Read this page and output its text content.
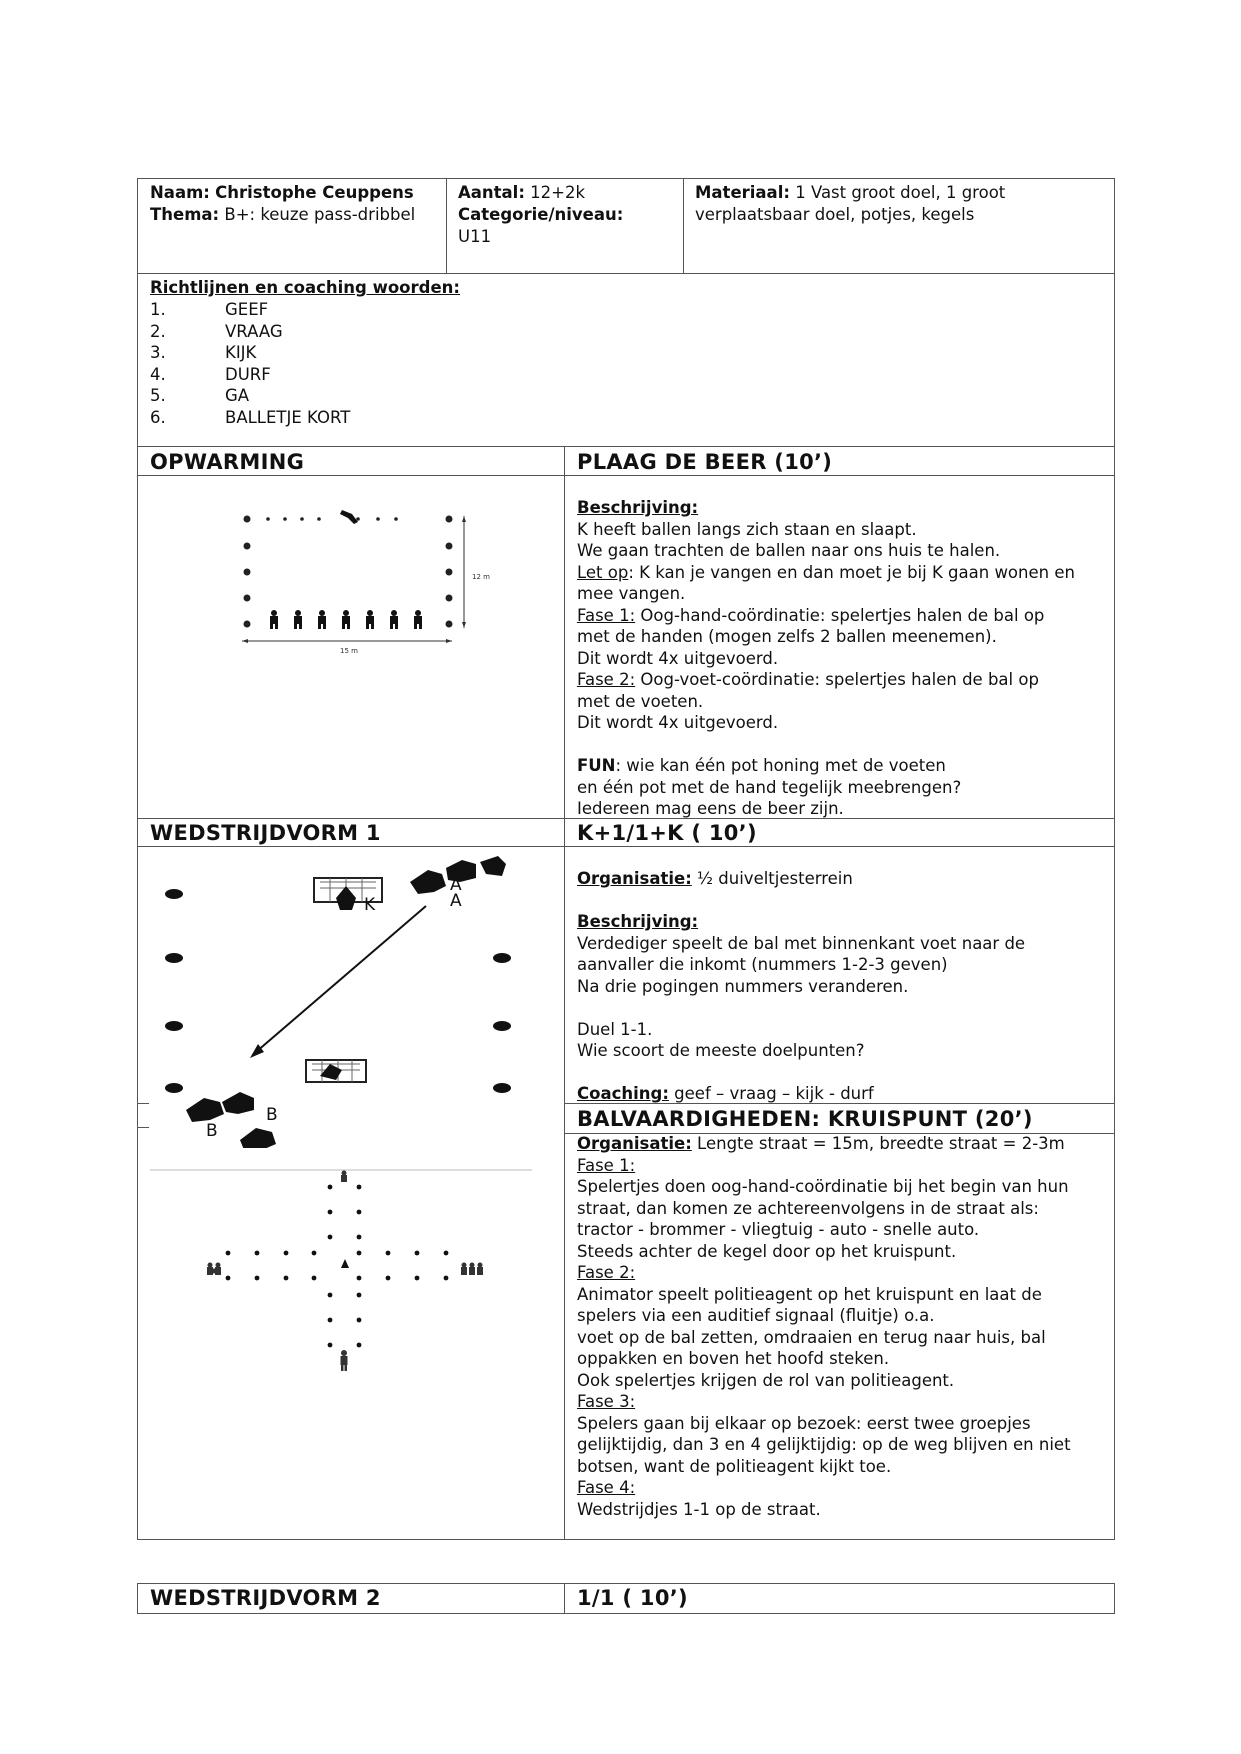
Naam: Christophe Ceuppens
Thema: B+: keuze pass-dribbel
Aantal: 12+2k
Categorie/niveau:
U11
Materiaal: 1 Vast groot doel, 1 groot
verplaatsbaar doel, potjes, kegels
Richtlijnen en coaching woorden:
1.	GEEF
2.	VRAAG
3.	KIJK
4.	DURF
5.	GA
6.	BALLETJE KORT
OPWARMING	PLAAG DE BEER (10’)
15 m
12 m

Beschrijving:

K heeft ballen langs zich staan en slaapt.

We gaan trachten de ballen naar ons huis te halen.

Let op: K kan je vangen en dan moet je bij K gaan wonen en

mee vangen.

Fase 1: Oog-hand-coördinatie: spelertjes halen de bal op

met de handen (mogen zelfs 2 ballen meenemen).

Dit wordt 4x uitgevoerd.

Fase 2: Oog-voet-coördinatie: spelertjes halen de bal op

met de voeten.

Dit wordt 4x uitgevoerd.

FUN: wie kan één pot honing met de voeten

en één pot met de hand tegelijk meebrengen?

Iedereen mag eens de beer zijn.

WEDSTRIJDVORM 1	K+1/1+K ( 10’)
K
A
A
B
B

Organisatie: ½ duiveltjesterrein

Beschrijving:

Verdediger speelt de bal met binnenkant voet naar de

aanvaller die inkomt (nummers 1-2-3 geven)

Na drie pogingen nummers veranderen.

Duel 1-1.

Wie scoort de meeste doelpunten?

Coaching: geef – vraag – kijk - durf

BALVAARDIGHEDEN: KRUISPUNT (20’)

Organisatie: Lengte straat = 15m, breedte straat = 2-3m

Fase 1:

Spelertjes doen oog-hand-coördinatie bij het begin van hun

straat, dan komen ze achtereenvolgens in de straat als:

tractor - brommer - vliegtuig - auto - snelle auto.

Steeds achter de kegel door op het kruispunt.

Fase 2:

Animator speelt politieagent op het kruispunt en laat de

spelers via een auditief signaal (fluitje) o.a.

voet op de bal zetten, omdraaien en terug naar huis, bal

oppakken en boven het hoofd steken.

Ook spelertjes krijgen de rol van politieagent.

Fase 3:

Spelers gaan bij elkaar op bezoek: eerst twee groepjes

gelijktijdig, dan 3 en 4 gelijktijdig: op de weg blijven en niet

botsen, want de politieagent kijkt toe.

Fase 4:

Wedstrijdjes 1-1 op de straat.

WEDSTRIJDVORM 2	1/1 ( 10’)
